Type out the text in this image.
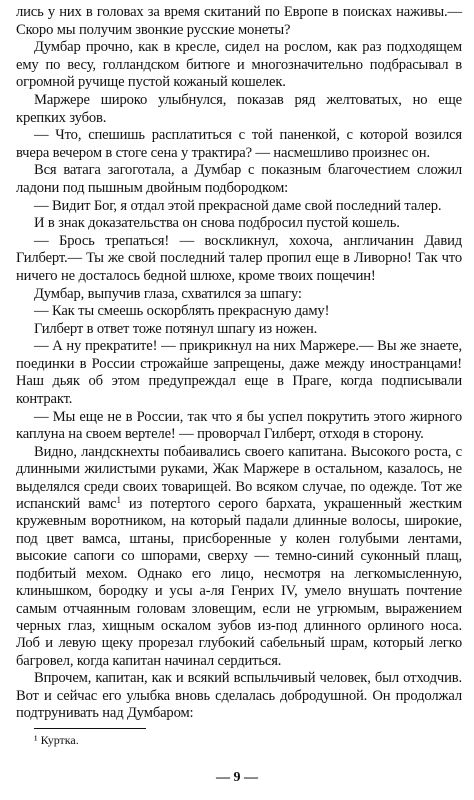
лись у них в головах за время скитаний по Европе в поисках наживы.— Скоро мы получим звонкие русские монеты?

Думбар прочно, как в кресле, сидел на рослом, как раз подходящем ему по весу, голландском битюге и многозначительно подбрасывал в огромной ручище пустой кожаный кошелек.

Маржере широко улыбнулся, показав ряд желтоватых, но еще крепких зубов.

— Что, спешишь расплатиться с той паненкой, с которой возился вчера вечером в стоге сена у трактира? — насмешливо произнес он.

Вся ватага загоготала, а Думбар с показным благочестием сложил ладони под пышным двойным подбородком:

— Видит Бог, я отдал этой прекрасной даме свой последний талер.

И в знак доказательства он снова подбросил пустой кошель.

— Брось трепаться! — воскликнул, хохоча, англичанин Давид Гилберт.— Ты же свой последний талер пропил еще в Ливорно! Так что ничего не досталось бедной шлюхе, кроме твоих пощечин!

Думбар, выпучив глаза, схватился за шпагу:

— Как ты смеешь оскорблять прекрасную даму!

Гилберт в ответ тоже потянул шпагу из ножен.

— А ну прекратите! — прикрикнул на них Маржере.— Вы же знаете, поединки в России строжайше запрещены, даже между иностранцами! Наш дьяк об этом предупреждал еще в Праге, когда подписывали контракт.

— Мы еще не в России, так что я бы успел покрутить этого жирного каплуна на своем вертеле! — проворчал Гилберт, отходя в сторону.

Видно, ландскнехты побаивались своего капитана. Высокого роста, с длинными жилистыми руками, Жак Маржере в остальном, казалось, не выделялся среди своих товарищей. Во всяком случае, по одежде. Тот же испанский вамс$^1$ из потертого серого бархата, украшенный жестким кружевным воротником, на который падали длинные волосы, широкие, под цвет вамса, штаны, присборенные у колен голубыми лентами, высокие сапоги со шпорами, сверху — темно-синий суконный плащ, подбитый мехом. Однако его лицо, несмотря на легкомысленную, клинышком, бородку и усы а-ля Генрих IV, умело внушать почтение самым отчаянным головам зловещим, если не угрюмым, выражением черных глаз, хищным оскалом зубов из-под длинного орлиного носа. Лоб и левую щеку прорезал глубокий сабельный шрам, который легко багровел, когда капитан начинал сердиться.

Впрочем, капитан, как и всякий вспыльчивый человек, был отходчив. Вот и сейчас его улыбка вновь сделалась добродушной. Он продолжал подтрунивать над Думбаром:

¹ Куртка.
— 9 —
